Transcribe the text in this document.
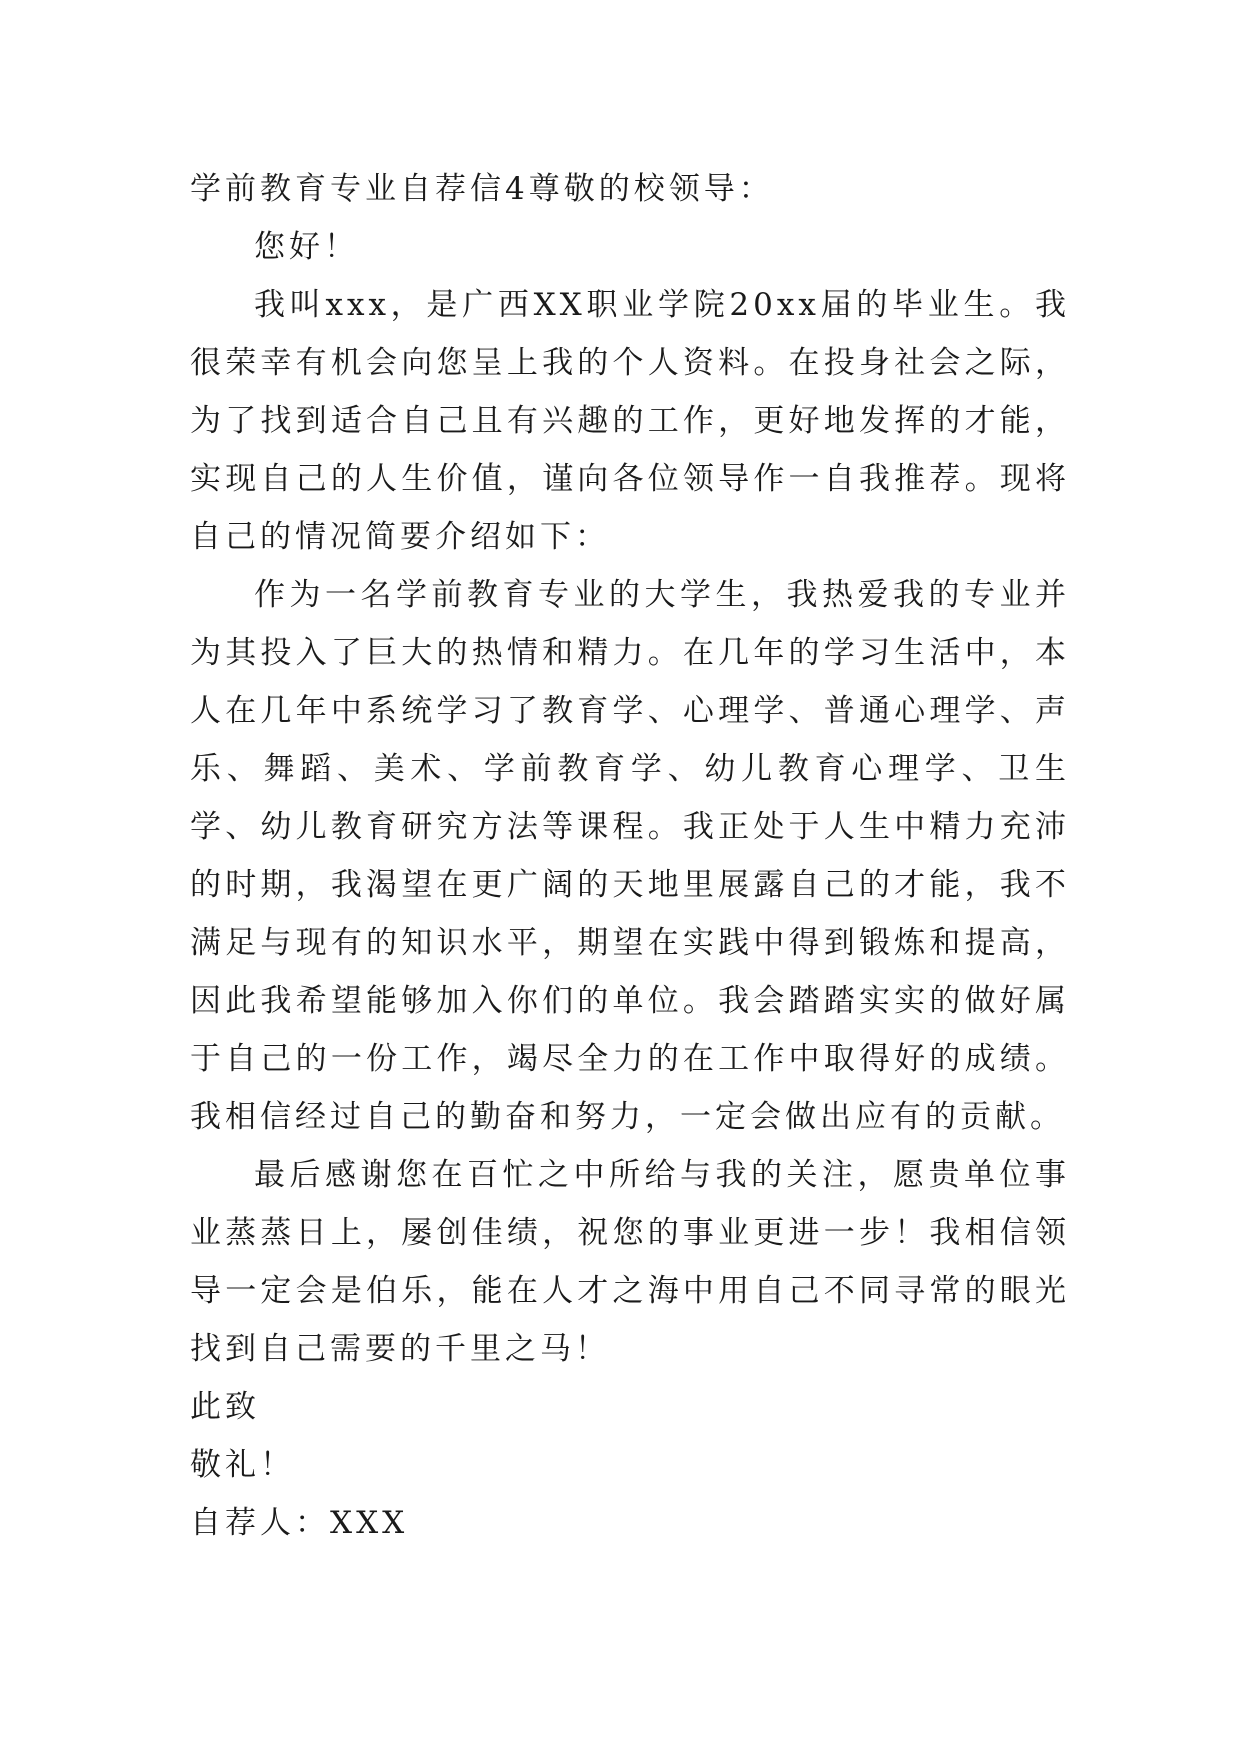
学前教育专业自荐信4尊敬的校领导：

您好！

我叫xxx，是广西XX职业学院20xx届的毕业生。我很荣幸有机会向您呈上我的个人资料。在投身社会之际，为了找到适合自己且有兴趣的工作，更好地发挥的才能，实现自己的人生价值，谨向各位领导作一自我推荐。现将自己的情况简要介绍如下：

作为一名学前教育专业的大学生，我热爱我的专业并为其投入了巨大的热情和精力。在几年的学习生活中，本人在几年中系统学习了教育学、心理学、普通心理学、声乐、舞蹈、美术、学前教育学、幼儿教育心理学、卫生学、幼儿教育研究方法等课程。我正处于人生中精力充沛的时期，我渴望在更广阔的天地里展露自己的才能，我不满足与现有的知识水平，期望在实践中得到锻炼和提高，因此我希望能够加入你们的单位。我会踏踏实实的做好属于自己的一份工作，竭尽全力的在工作中取得好的成绩。我相信经过自己的勤奋和努力，一定会做出应有的贡献。

最后感谢您在百忙之中所给与我的关注，愿贵单位事业蒸蒸日上，屡创佳绩，祝您的事业更进一步！我相信领导一定会是伯乐，能在人才之海中用自己不同寻常的眼光找到自己需要的千里之马！

此致

敬礼！

自荐人：XXX
